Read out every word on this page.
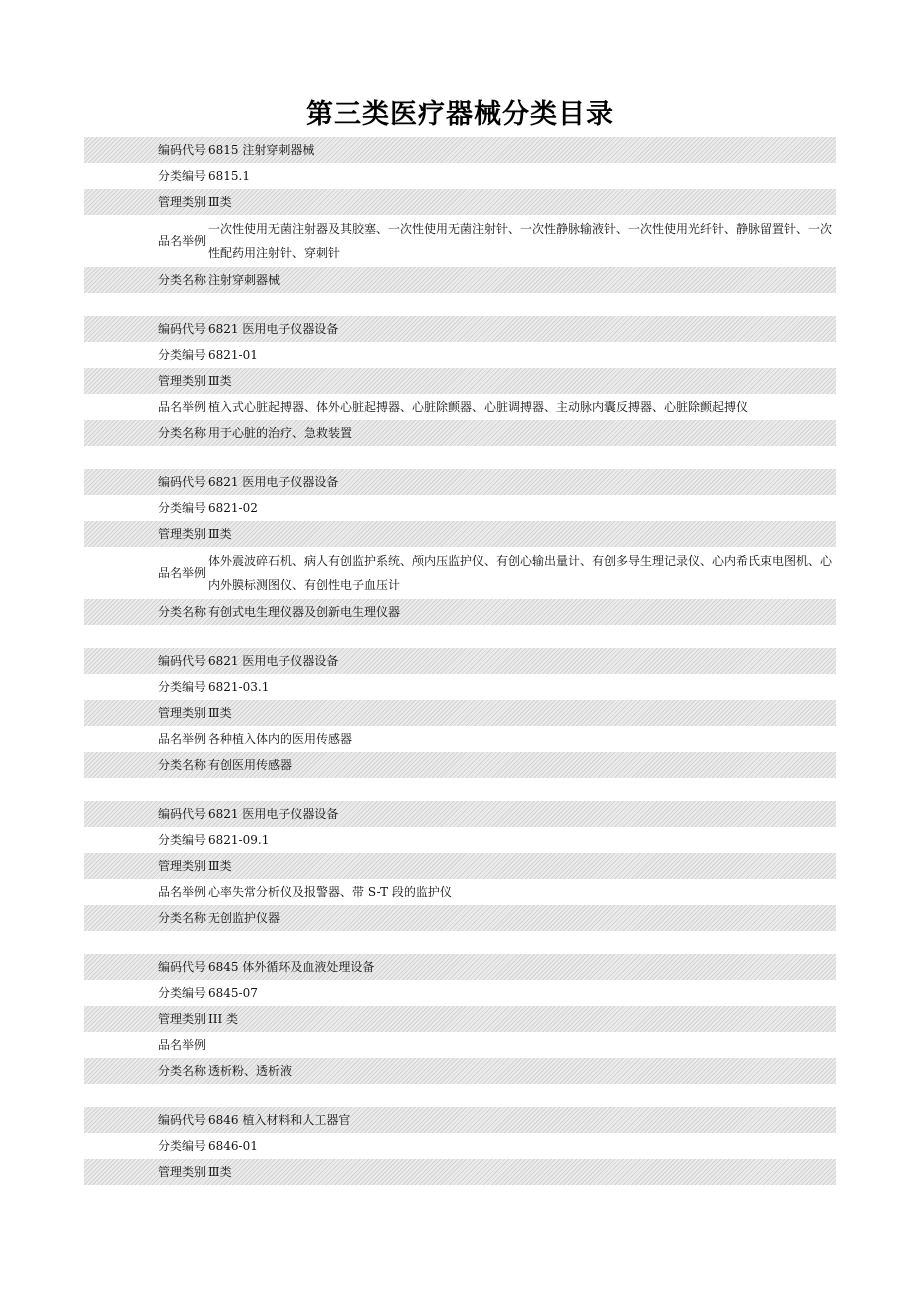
第三类医疗器械分类目录
编码代号 6815 注射穿刺器械
分类编号 6815.1
管理类别 Ⅲ类
品名举例
一次性使用无菌注射器及其胶塞、一次性使用无菌注射针、一次性静脉输液针、一次性使用光纤针、静脉留置针、一次性配药用注射针、穿刺针
分类名称 注射穿刺器械
编码代号 6821 医用电子仪器设备
分类编号 6821-01
管理类别 Ⅲ类
品名举例 植入式心脏起搏器、体外心脏起搏器、心脏除颤器、心脏调搏器、主动脉内囊反搏器、心脏除颤起搏仪
分类名称 用于心脏的治疗、急救装置
编码代号 6821 医用电子仪器设备
分类编号 6821-02
管理类别 Ⅲ类
品名举例
体外震波碎石机、病人有创监护系统、颅内压监护仪、有创心输出量计、有创多导生理记录仪、心内希氏束电图机、心内外膜标测图仪、有创性电子血压计
分类名称 有创式电生理仪器及创新电生理仪器
编码代号 6821 医用电子仪器设备
分类编号 6821-03.1
管理类别 Ⅲ类
品名举例 各种植入体内的医用传感器
分类名称 有创医用传感器
编码代号 6821 医用电子仪器设备
分类编号 6821-09.1
管理类别 Ⅲ类
品名举例 心率失常分析仪及报警器、带 S-T 段的监护仪
分类名称 无创监护仪器
编码代号 6845 体外循环及血液处理设备
分类编号 6845-07
管理类别 III 类
品名举例
分类名称 透析粉、透析液
编码代号 6846 植入材料和人工器官
分类编号 6846-01
管理类别 Ⅲ类
